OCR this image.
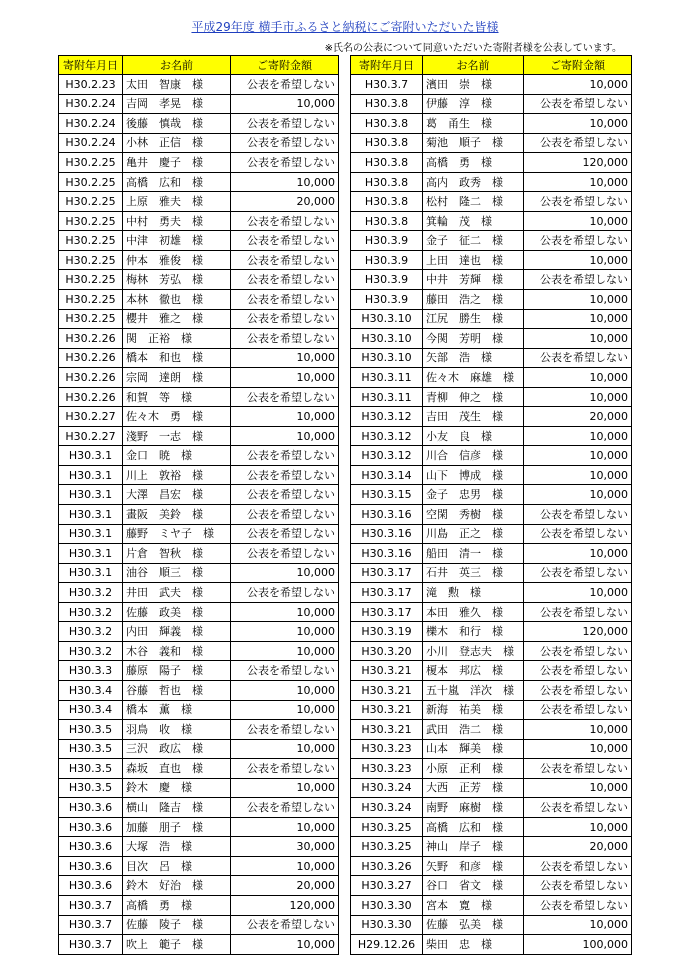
平成29年度 横手市ふるさと納税にご寄附いただいた皆様
※氏名の公表について同意いただいた寄附者様を公表しています。
寄附年月日	お名前	ご寄附金額
H30.2.23	太田　智康　様	公表を希望しない
H30.2.24	吉岡　孝晃　様	10,000
H30.2.24	後藤　慎哉　様	公表を希望しない
H30.2.24	小林　正信　様	公表を希望しない
H30.2.25	亀井　慶子　様	公表を希望しない
H30.2.25	高橋　広和　様	10,000
H30.2.25	上原　雅夫　様	20,000
H30.2.25	中村　勇夫　様	公表を希望しない
H30.2.25	中津　初雄　様	公表を希望しない
H30.2.25	仲本　雅俊　様	公表を希望しない
H30.2.25	梅林　芳弘　様	公表を希望しない
H30.2.25	本林　徹也　様	公表を希望しない
H30.2.25	櫻井　雅之　様	公表を希望しない
H30.2.26	関　正裕　様	公表を希望しない
H30.2.26	橋本　和也　様	10,000
H30.2.26	宗岡　達朗　様	10,000
H30.2.26	和賀　等　様	公表を希望しない
H30.2.27	佐々木　勇　様	10,000
H30.2.27	淺野　一志　様	10,000
H30.3.1	金口　暁　様	公表を希望しない
H30.3.1	川上　敦裕　様	公表を希望しない
H30.3.1	大澤　昌宏　様	公表を希望しない
H30.3.1	畫阪　美鈴　様	公表を希望しない
H30.3.1	藤野　ミヤ子　様	公表を希望しない
H30.3.1	片倉　智秋　様	公表を希望しない
H30.3.1	油谷　順三　様	10,000
H30.3.2	井田　武夫　様	公表を希望しない
H30.3.2	佐藤　政美　様	10,000
H30.3.2	内田　輝義　様	10,000
H30.3.2	木谷　義和　様	10,000
H30.3.3	藤原　陽子　様	公表を希望しない
H30.3.4	谷藤　哲也　様	10,000
H30.3.4	橋本　薫　様	10,000
H30.3.5	羽鳥　收　様	公表を希望しない
H30.3.5	三沢　政広　様	10,000
H30.3.5	森坂　直也　様	公表を希望しない
H30.3.5	鈴木　慶　様	10,000
H30.3.6	横山　隆吉　様	公表を希望しない
H30.3.6	加藤　朋子　様	10,000
H30.3.6	大塚　浩　様	30,000
H30.3.6	目次　呂　様	10,000
H30.3.6	鈴木　好治　様	20,000
H30.3.7	高橋　勇　様	120,000
H30.3.7	佐藤　陵子　様	公表を希望しない
H30.3.7	吹上　範子　様	10,000
寄附年月日	お名前	ご寄附金額
H30.3.7	濱田　崇　様	10,000
H30.3.8	伊藤　淳　様	公表を希望しない
H30.3.8	葛　甬生　様	10,000
H30.3.8	菊池　順子　様	公表を希望しない
H30.3.8	高橋　勇　様	120,000
H30.3.8	高内　政秀　様	10,000
H30.3.8	松村　隆二　様	公表を希望しない
H30.3.8	箕輪　茂　様	10,000
H30.3.9	金子　征二　様	公表を希望しない
H30.3.9	上田　達也　様	10,000
H30.3.9	中井　芳輝　様	公表を希望しない
H30.3.9	藤田　浩之　様	10,000
H30.3.10	江尻　勝生　様	10,000
H30.3.10	今関　芳明　様	10,000
H30.3.10	矢部　浩　様	公表を希望しない
H30.3.11	佐々木　麻雄　様	10,000
H30.3.11	青柳　伸之　様	10,000
H30.3.12	吉田　茂生　様	20,000
H30.3.12	小友　良　様	10,000
H30.3.12	川合　信彦　様	10,000
H30.3.14	山下　博成　様	10,000
H30.3.15	金子　忠男　様	10,000
H30.3.16	空閑　秀樹　様	公表を希望しない
H30.3.16	川島　正之　様	公表を希望しない
H30.3.16	船田　清一　様	10,000
H30.3.17	石井　英三　様	公表を希望しない
H30.3.17	滝　勲　様	10,000
H30.3.17	本田　雅久　様	公表を希望しない
H30.3.19	櫟木　和行　様	120,000
H30.3.20	小川　登志夫　様	公表を希望しない
H30.3.21	榎本　邦広　様	公表を希望しない
H30.3.21	五十嵐　洋次　様	公表を希望しない
H30.3.21	新海　祐美　様	公表を希望しない
H30.3.21	武田　浩二　様	10,000
H30.3.23	山本　輝美　様	10,000
H30.3.23	小原　正利　様	公表を希望しない
H30.3.24	大西　正芳　様	10,000
H30.3.24	南野　麻樹　様	公表を希望しない
H30.3.25	高橋　広和　様	10,000
H30.3.25	神山　岸子　様	20,000
H30.3.26	矢野　和彦　様	公表を希望しない
H30.3.27	谷口　省文　様	公表を希望しない
H30.3.30	宮本　寛　様	公表を希望しない
H30.3.30	佐藤　弘美　様	10,000
H29.12.26	柴田　忠　様	100,000
